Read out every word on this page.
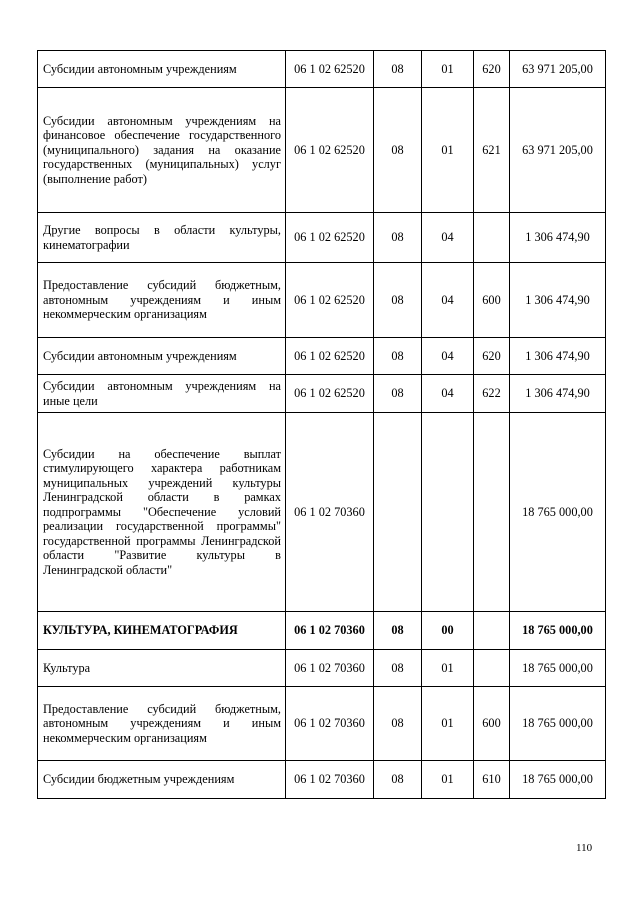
Субсидии автономным учреждениям	06 1 02 62520	08	01	620	63 971 205,00
Субсидии автономным учреждениям на финансовое обеспечение государственного (муниципального) задания на оказание государственных (муниципальных) услуг (выполнение работ)	06 1 02 62520	08	01	621	63 971 205,00
Другие вопросы в области культуры, кинематографии	06 1 02 62520	08	04		1 306 474,90
Предоставление субсидий бюджетным, автономным учреждениям и иным некоммерческим организациям	06 1 02 62520	08	04	600	1 306 474,90
Субсидии автономным учреждениям	06 1 02 62520	08	04	620	1 306 474,90
Субсидии автономным учреждениям на иные цели	06 1 02 62520	08	04	622	1 306 474,90
Субсидии на обеспечение выплат стимулирующего характера работникам муниципальных учреждений культуры Ленинградской области в рамках подпрограммы "Обеспечение условий реализации государственной программы" государственной программы Ленинградской области "Развитие культуры в Ленинградской области"	06 1 02 70360				18 765 000,00
КУЛЬТУРА, КИНЕМАТОГРАФИЯ	06 1 02 70360	08	00		18 765 000,00
Культура	06 1 02 70360	08	01		18 765 000,00
Предоставление субсидий бюджетным, автономным учреждениям и иным некоммерческим организациям	06 1 02 70360	08	01	600	18 765 000,00
Субсидии бюджетным учреждениям	06 1 02 70360	08	01	610	18 765 000,00
110
